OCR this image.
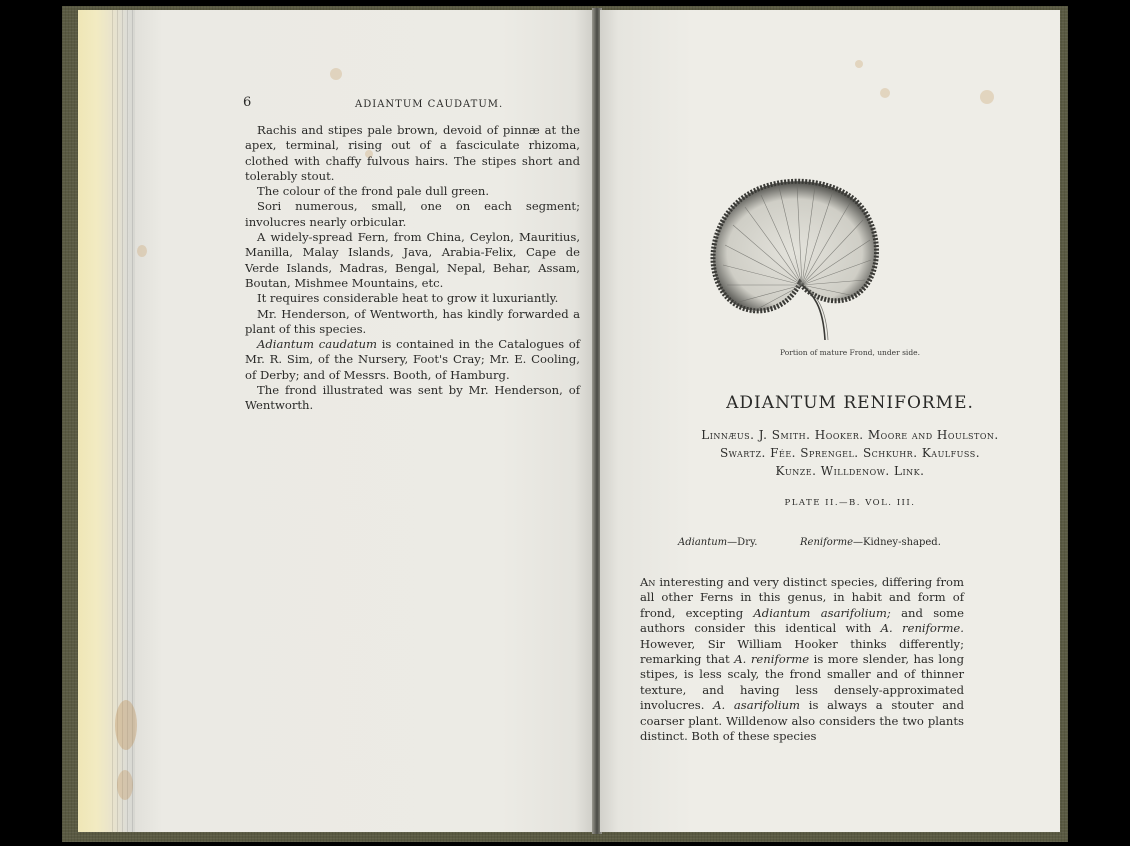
6	ADIANTUM CAUDATUM.

Rachis and stipes pale brown, devoid of pinnæ at the apex, terminal, rising out of a fasciculate rhizoma, clothed with chaffy fulvous hairs. The stipes short and tolerably stout.

The colour of the frond pale dull green.

Sori numerous, small, one on each segment; involucres nearly orbicular.

A widely-spread Fern, from China, Ceylon, Mauritius, Manilla, Malay Islands, Java, Arabia-Felix, Cape de Verde Islands, Madras, Bengal, Nepal, Behar, Assam, Boutan, Mishmee Mountains, etc.

It requires considerable heat to grow it luxuriantly.

Mr. Henderson, of Wentworth, has kindly forwarded a plant of this species.

Adiantum caudatum is contained in the Catalogues of Mr. R. Sim, of the Nursery, Foot's Cray; Mr. E. Cooling, of Derby; and of Messrs. Booth, of Hamburg.

The frond illustrated was sent by Mr. Henderson, of Wentworth.

Portion of mature Frond, under side.
ADIANTUM RENIFORME.
Linnæus. J. Smith. Hooker. Moore and Houlston.
Swartz. Fée. Sprengel. Schkuhr. Kaulfuss.
Kunze. Willdenow. Link.
PLATE II.—B. VOL. III.
Adiantum—Dry.	Reniforme—Kidney-shaped.

An interesting and very distinct species, differing from all other Ferns in this genus, in habit and form of frond, excepting Adiantum asarifolium; and some authors consider this identical with A. reniforme. However, Sir William Hooker thinks differently; remarking that A. reniforme is more slender, has long stipes, is less scaly, the frond smaller and of thinner texture, and having less densely-approximated involucres. A. asarifolium is always a stouter and coarser plant. Willdenow also considers the two plants distinct. Both of these species
